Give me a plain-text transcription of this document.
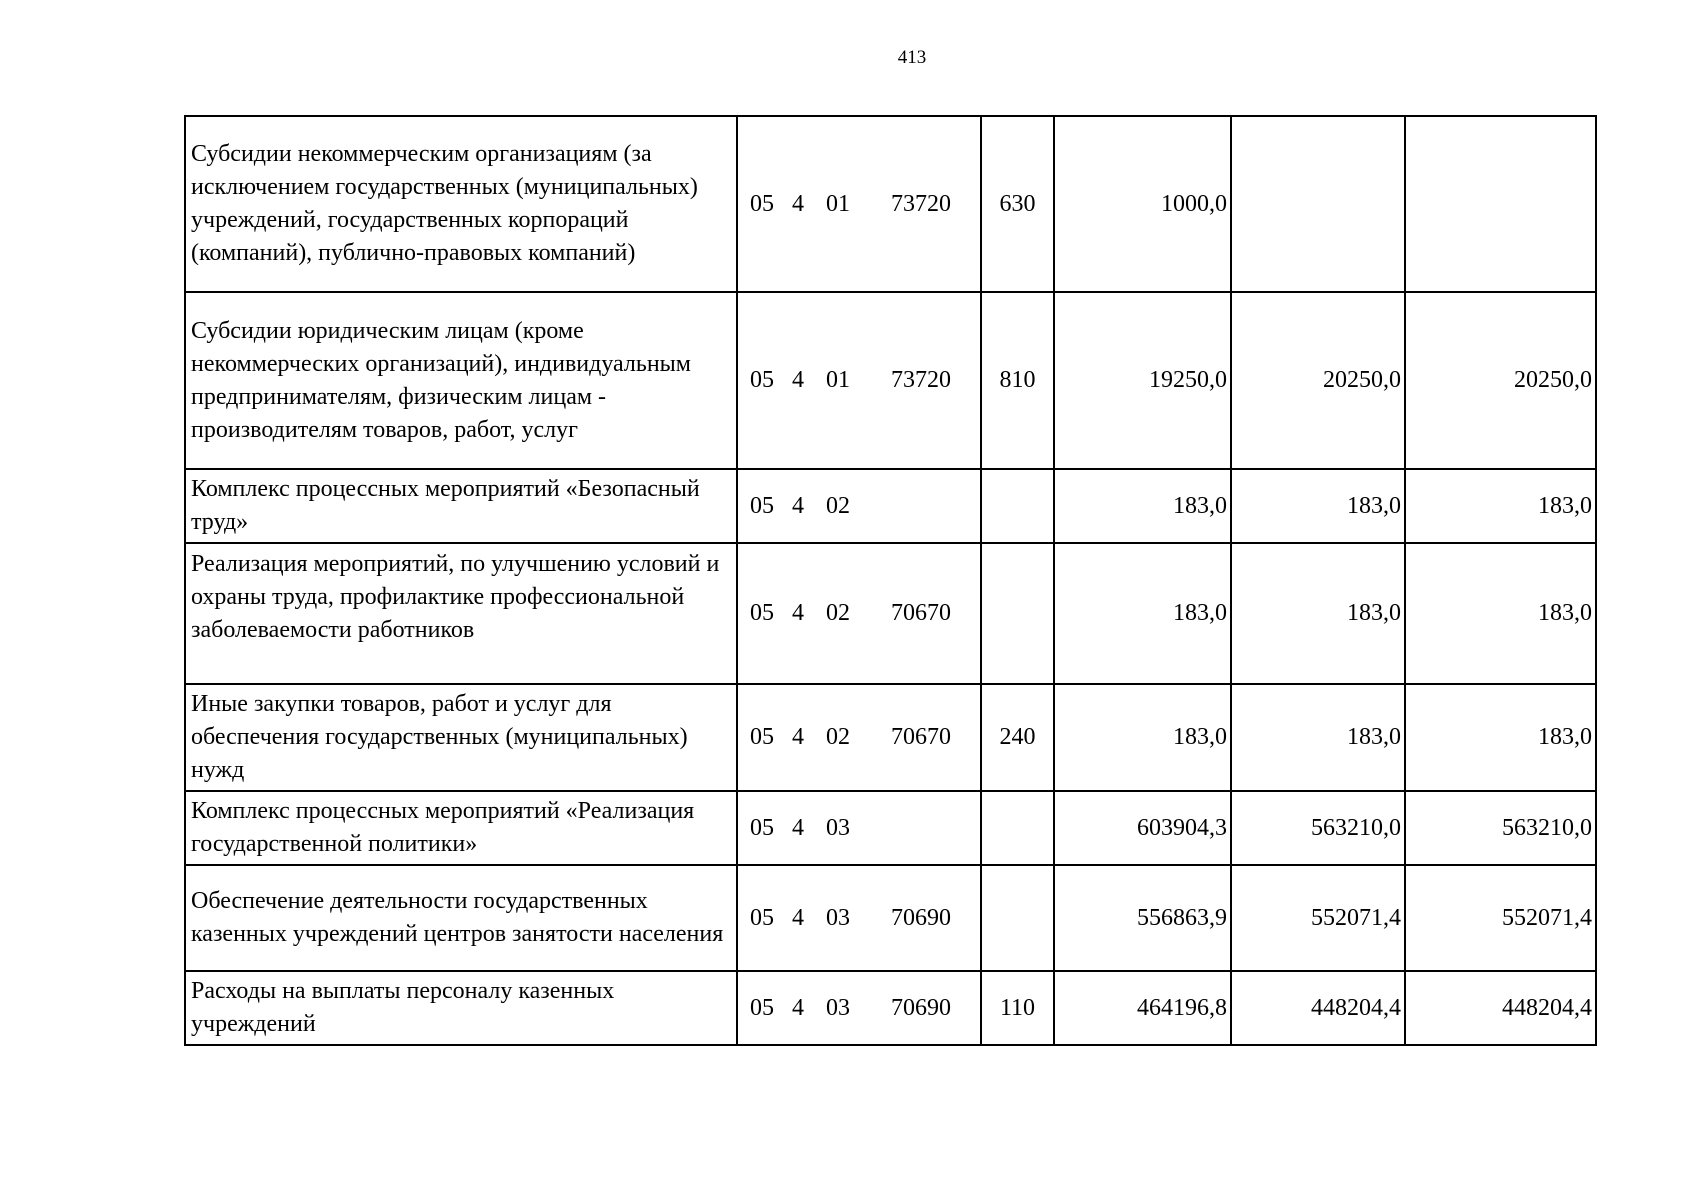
413
Субсидии некоммерческим организациям (за исключением государственных (муниципальных) учреждений, государственных корпораций (компаний), публично-правовых компаний)	05 4 01 73720	630	1000,0		
Субсидии юридическим лицам (кроме некоммерческих организаций), индивидуальным предпринимателям, физическим лицам - производителям товаров, работ, услуг	05 4 01 73720	810	19250,0	20250,0	20250,0
Комплекс процессных мероприятий «Безопасный труд»	05 4 02		183,0	183,0	183,0
Реализация мероприятий, по улучшению условий и охраны труда, профилактике профессиональной заболеваемости работников	05 4 02 70670		183,0	183,0	183,0
Иные закупки товаров, работ и услуг для обеспечения государственных (муниципальных) нужд	05 4 02 70670	240	183,0	183,0	183,0
Комплекс процессных мероприятий «Реализация государственной политики»	05 4 03		603904,3	563210,0	563210,0
Обеспечение деятельности государственных казенных учреждений центров занятости населения	05 4 03 70690		556863,9	552071,4	552071,4
Расходы на выплаты персоналу казенных учреждений	05 4 03 70690	110	464196,8	448204,4	448204,4
